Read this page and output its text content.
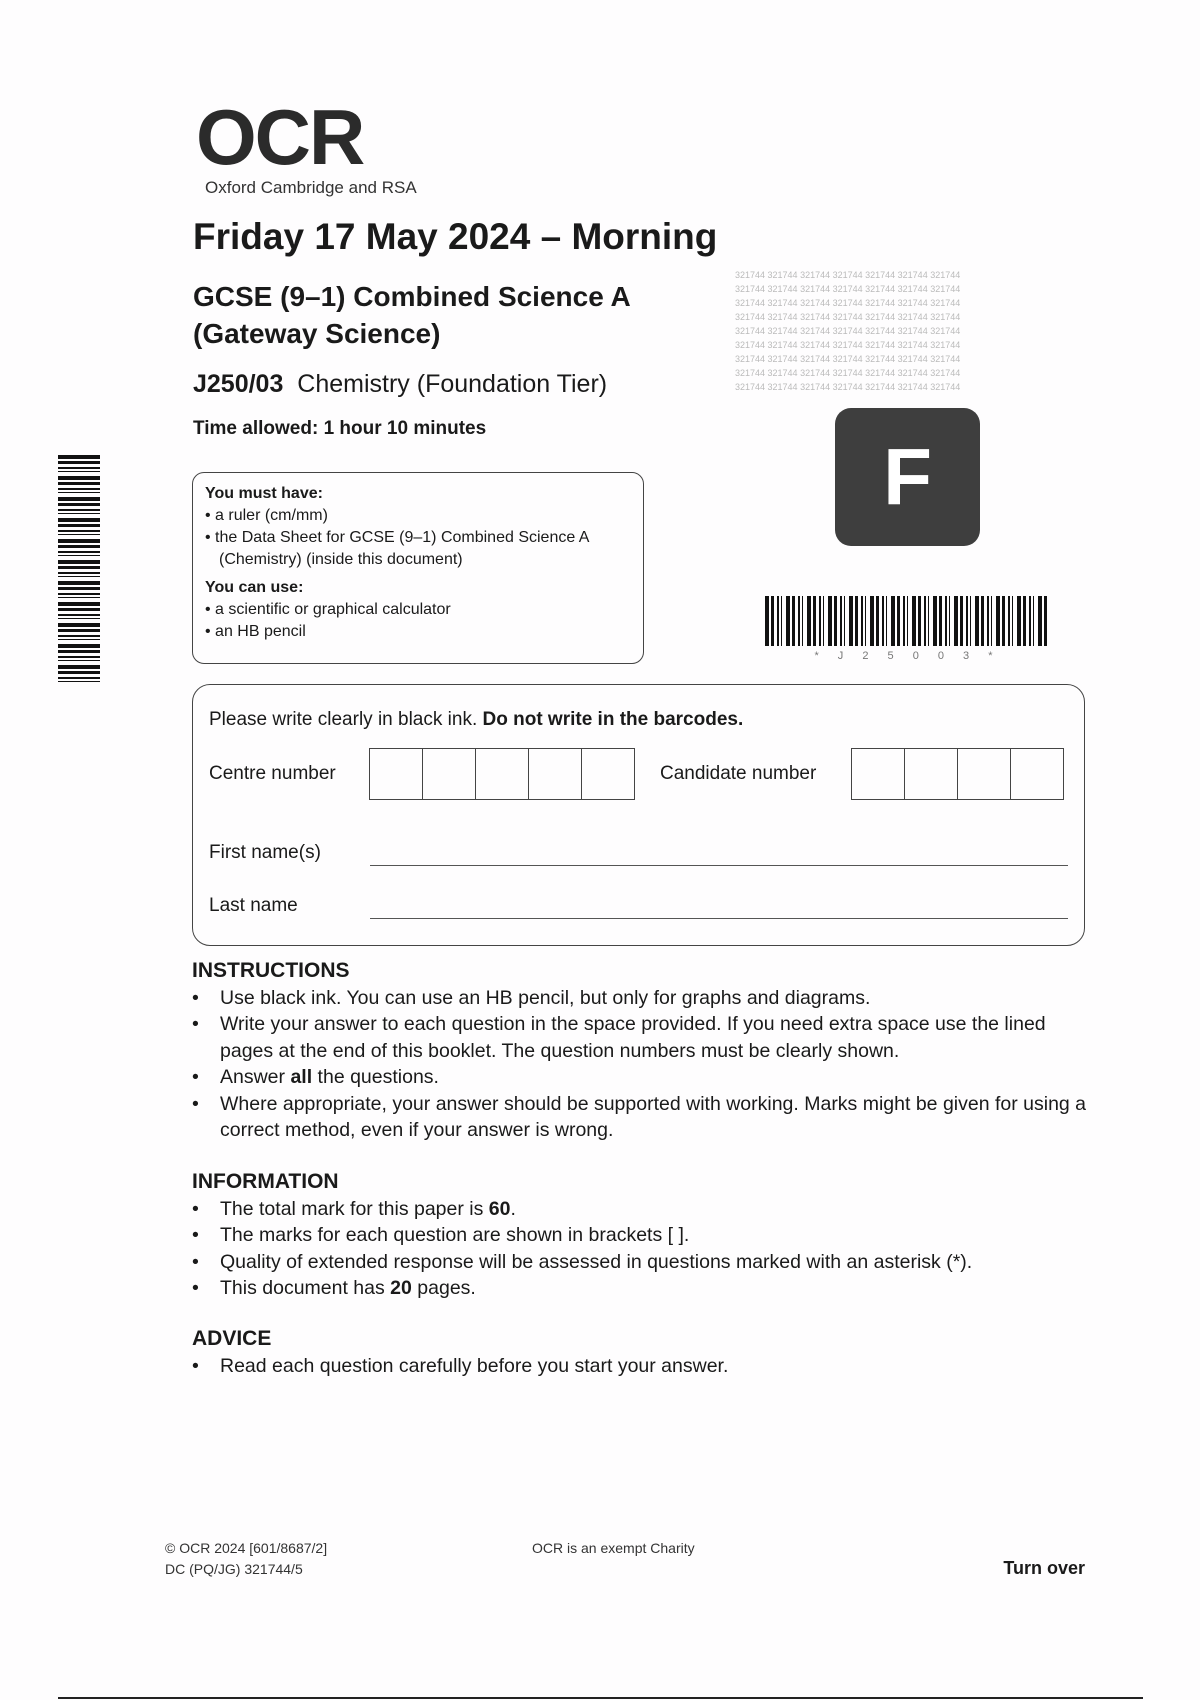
OCR
Oxford Cambridge and RSA
321744 321744 321744 321744 321744 321744 321744
321744 321744 321744 321744 321744 321744 321744
321744 321744 321744 321744 321744 321744 321744
321744 321744 321744 321744 321744 321744 321744
321744 321744 321744 321744 321744 321744 321744
321744 321744 321744 321744 321744 321744 321744
321744 321744 321744 321744 321744 321744 321744
321744 321744 321744 321744 321744 321744 321744
321744 321744 321744 321744 321744 321744 321744
Friday 17 May 2024 – Morning
GCSE (9–1) Combined Science A
(Gateway Science)
J250/03 Chemistry (Foundation Tier)
Time allowed: 1 hour 10 minutes
F
* J 2 5 0 0 3 *
You must have:
• a ruler (cm/mm)
• the Data Sheet for GCSE (9–1) Combined Science A (Chemistry) (inside this document)
You can use:
• a scientific or graphical calculator
• an HB pencil
Please write clearly in black ink. Do not write in the barcodes.
Centre number	Candidate number
First name(s)
Last name
INSTRUCTIONS
• Use black ink. You can use an HB pencil, but only for graphs and diagrams.
• Write your answer to each question in the space provided. If you need extra space use the lined pages at the end of this booklet. The question numbers must be clearly shown.
• Answer all the questions.
• Where appropriate, your answer should be supported with working. Marks might be given for using a correct method, even if your answer is wrong.
INFORMATION
• The total mark for this paper is 60.
• The marks for each question are shown in brackets [ ].
• Quality of extended response will be assessed in questions marked with an asterisk (*).
• This document has 20 pages.
ADVICE
• Read each question carefully before you start your answer.
© OCR 2024 [601/8687/2]
DC (PQ/JG) 321744/5
OCR is an exempt Charity
Turn over
